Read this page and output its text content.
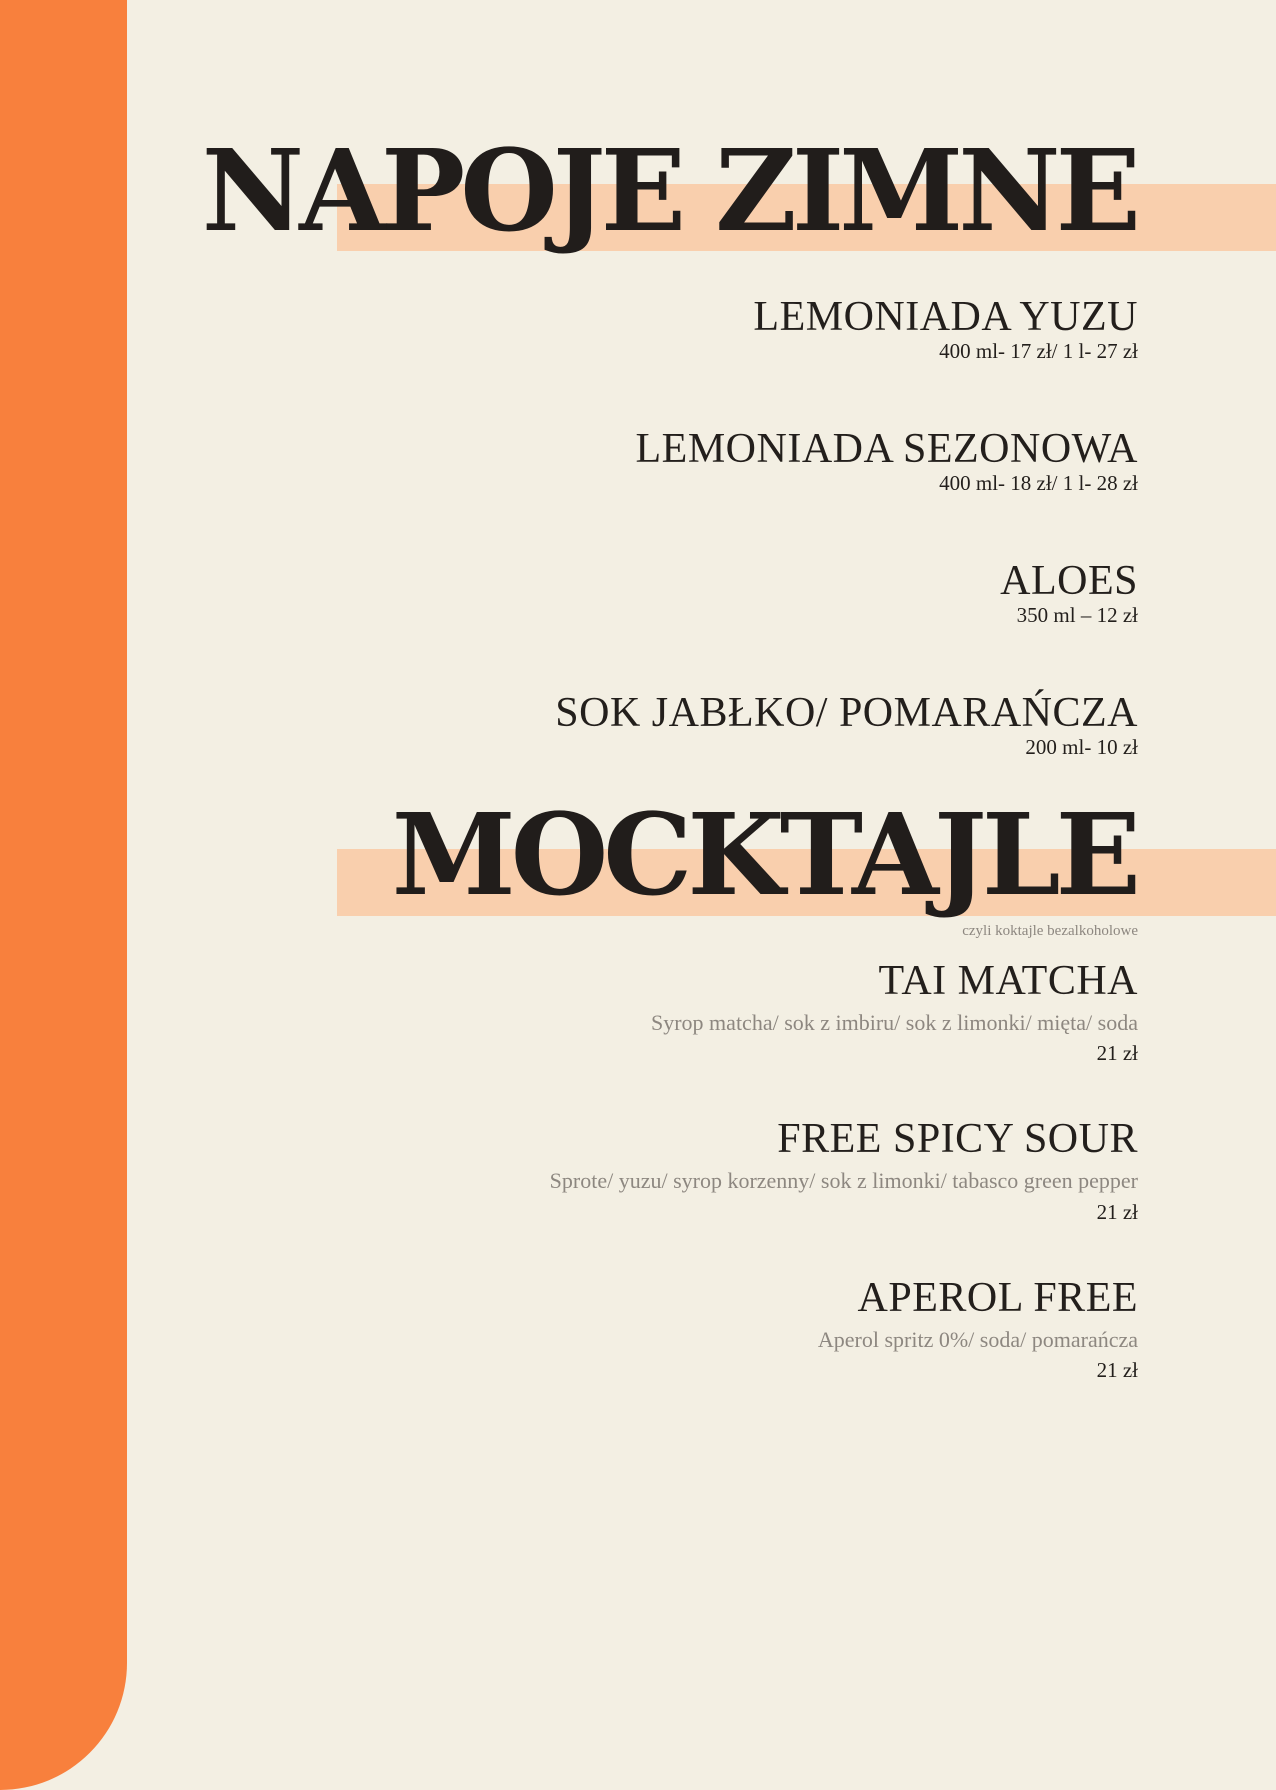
NAPOJE ZIMNE
LEMONIADA YUZU
400 ml- 17 zł/ 1 l- 27 zł
LEMONIADA SEZONOWA
400 ml- 18 zł/ 1 l- 28 zł
ALOES
350 ml – 12 zł
SOK JABŁKO/ POMARAŃCZA
200 ml- 10 zł
MOCKTAJLE
czyli koktajle bezalkoholowe
TAI MATCHA
Syrop matcha/ sok z imbiru/ sok z limonki/ mięta/ soda
21 zł
FREE SPICY SOUR
Sprote/ yuzu/ syrop korzenny/ sok z limonki/ tabasco green pepper
21 zł
APEROL FREE
Aperol spritz 0%/ soda/ pomarańcza
21 zł
